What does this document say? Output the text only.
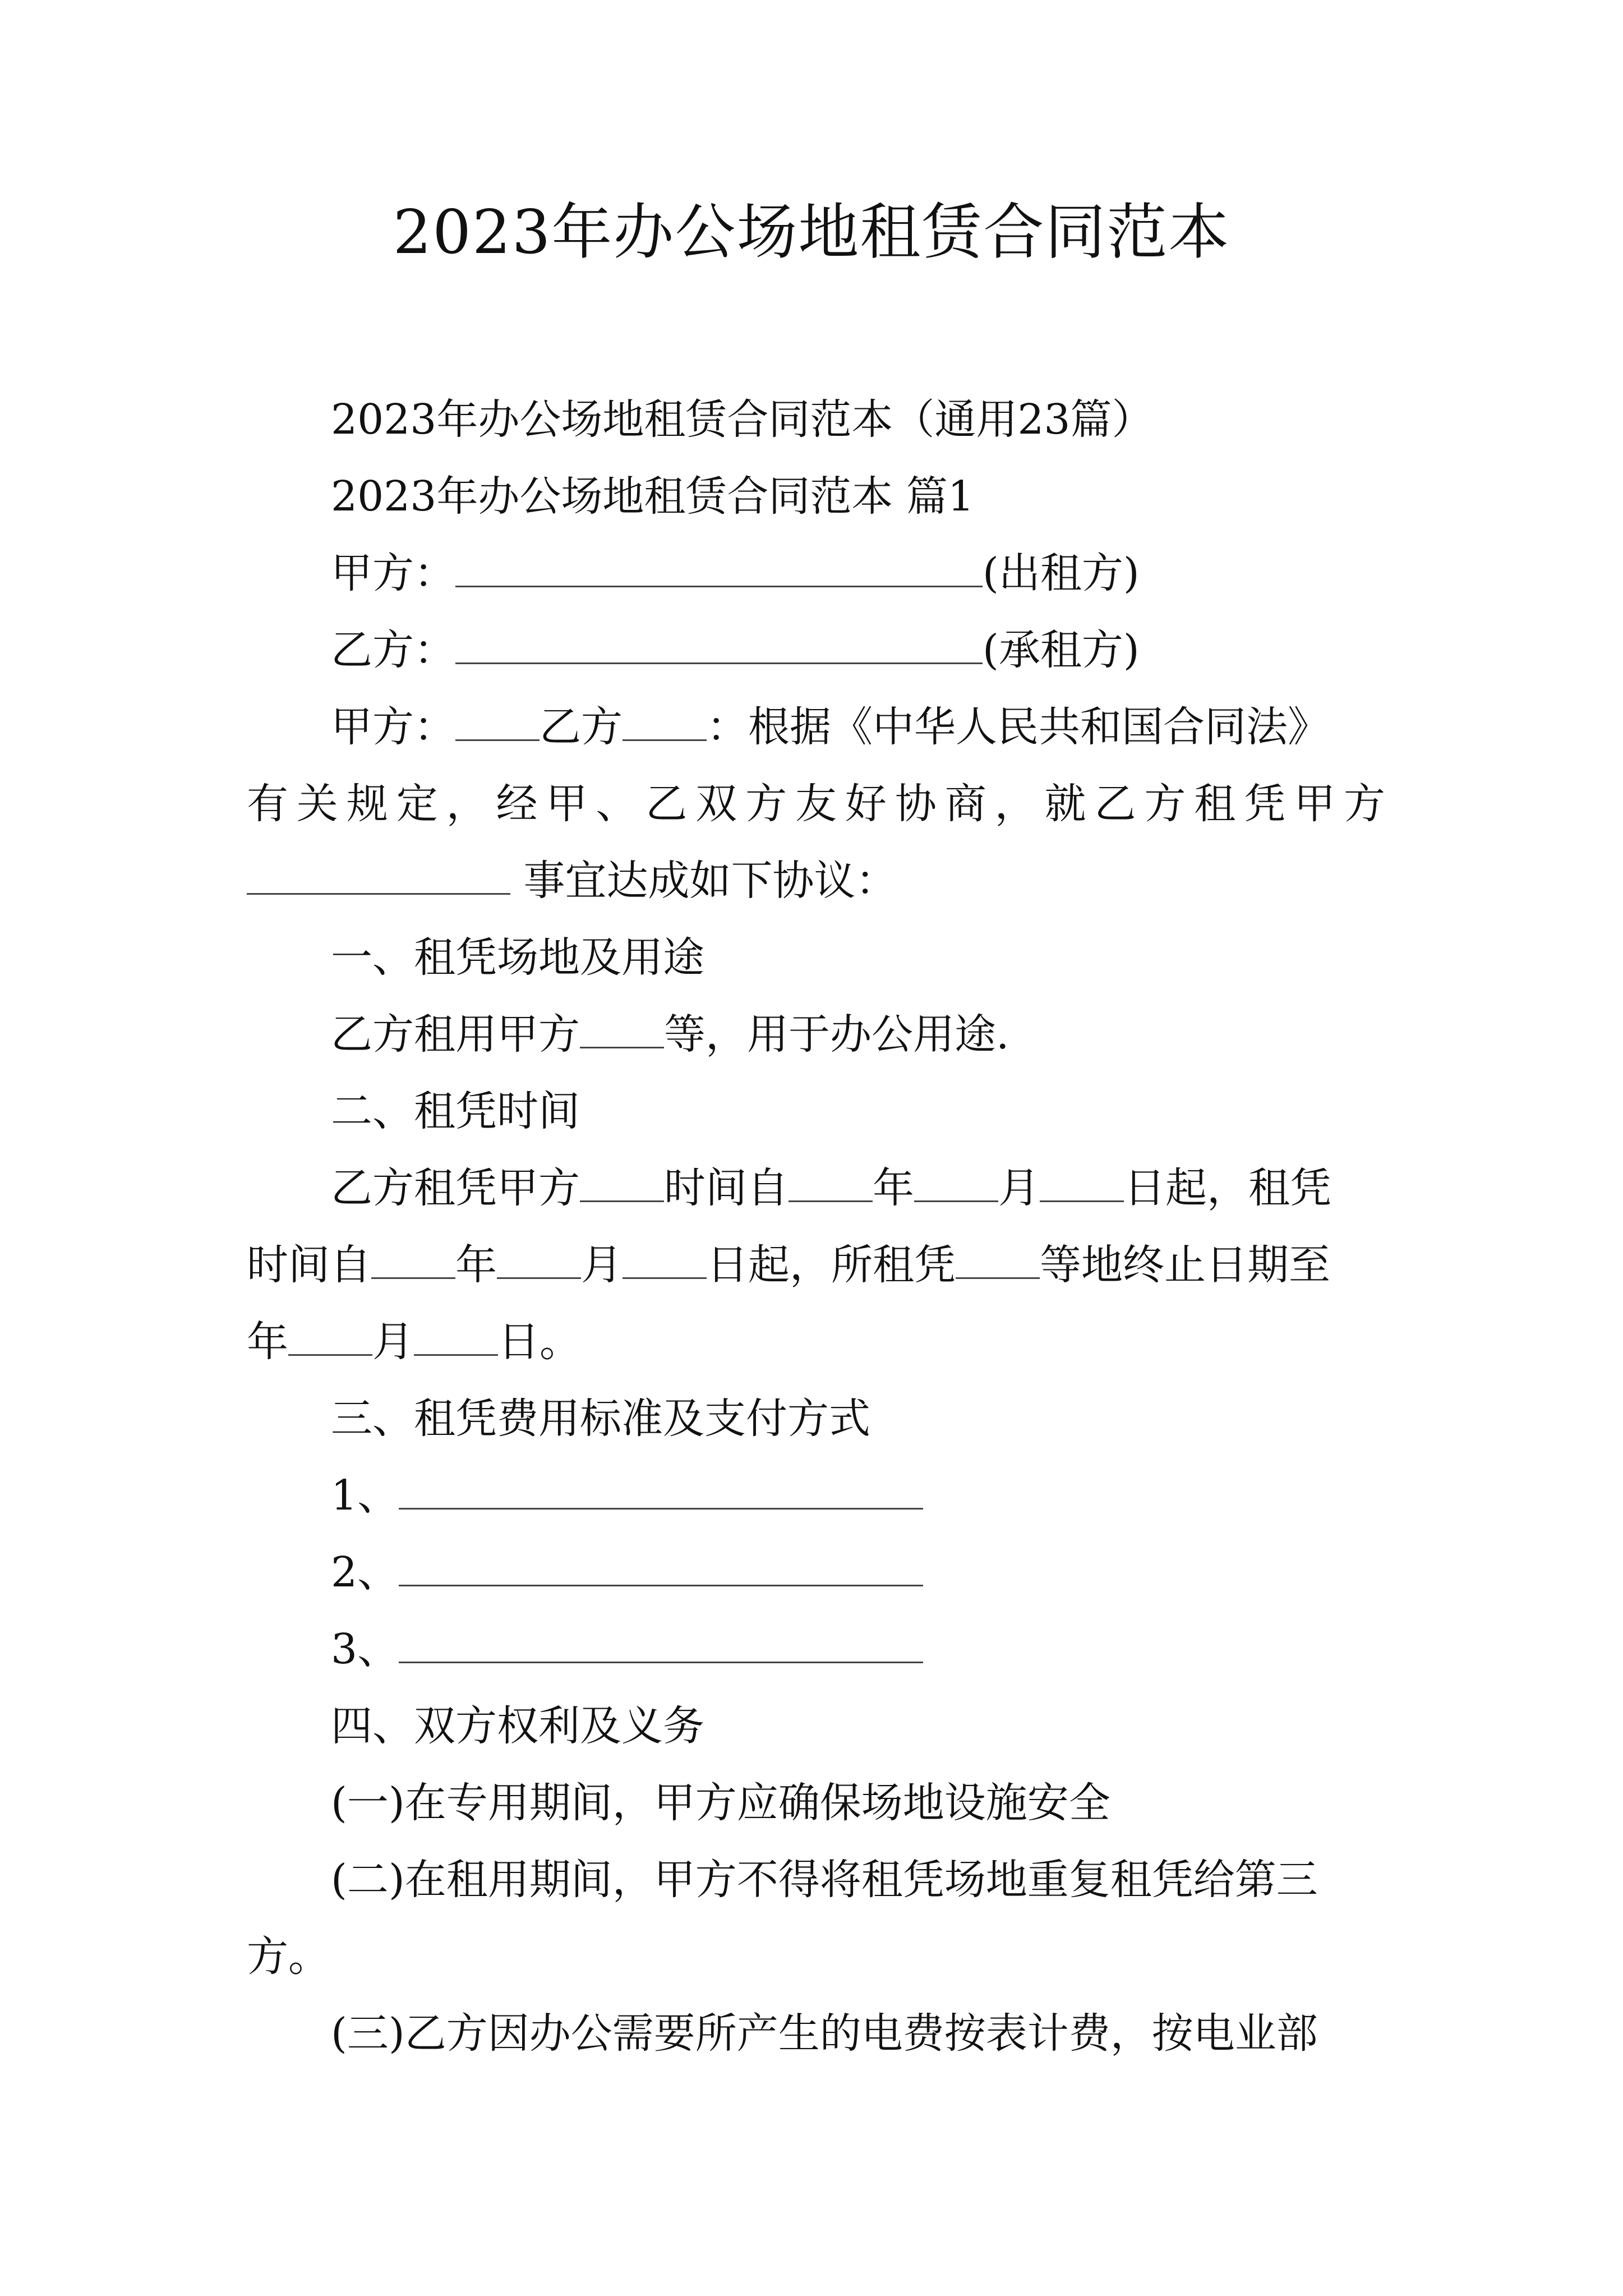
2023年办公场地租赁合同范本

2023年办公场地租赁合同范本（通用23篇）

2023年办公场地租赁合同范本 篇1

甲方：	(出租方)

乙方：	(承租方)

甲方： 乙方 ：根据《中华人民共和国合同法》

有关规定，经甲、乙双方友好协商，就乙方租凭甲方

事宜达成如下协议：

一、租凭场地及用途

乙方租用甲方 等，用于办公用途.

二、租凭时间

乙方租凭甲方 时间自 年 月 日起，租凭

时间自 年 月 日起，所租凭 等地终止日期至

年 月 日。

三、租凭费用标准及支付方式

1、

2、

3、

四、双方权利及义务

(一)在专用期间，甲方应确保场地设施安全

(二)在租用期间，甲方不得将租凭场地重复租凭给第三

方。

(三)乙方因办公需要所产生的电费按表计费，按电业部
